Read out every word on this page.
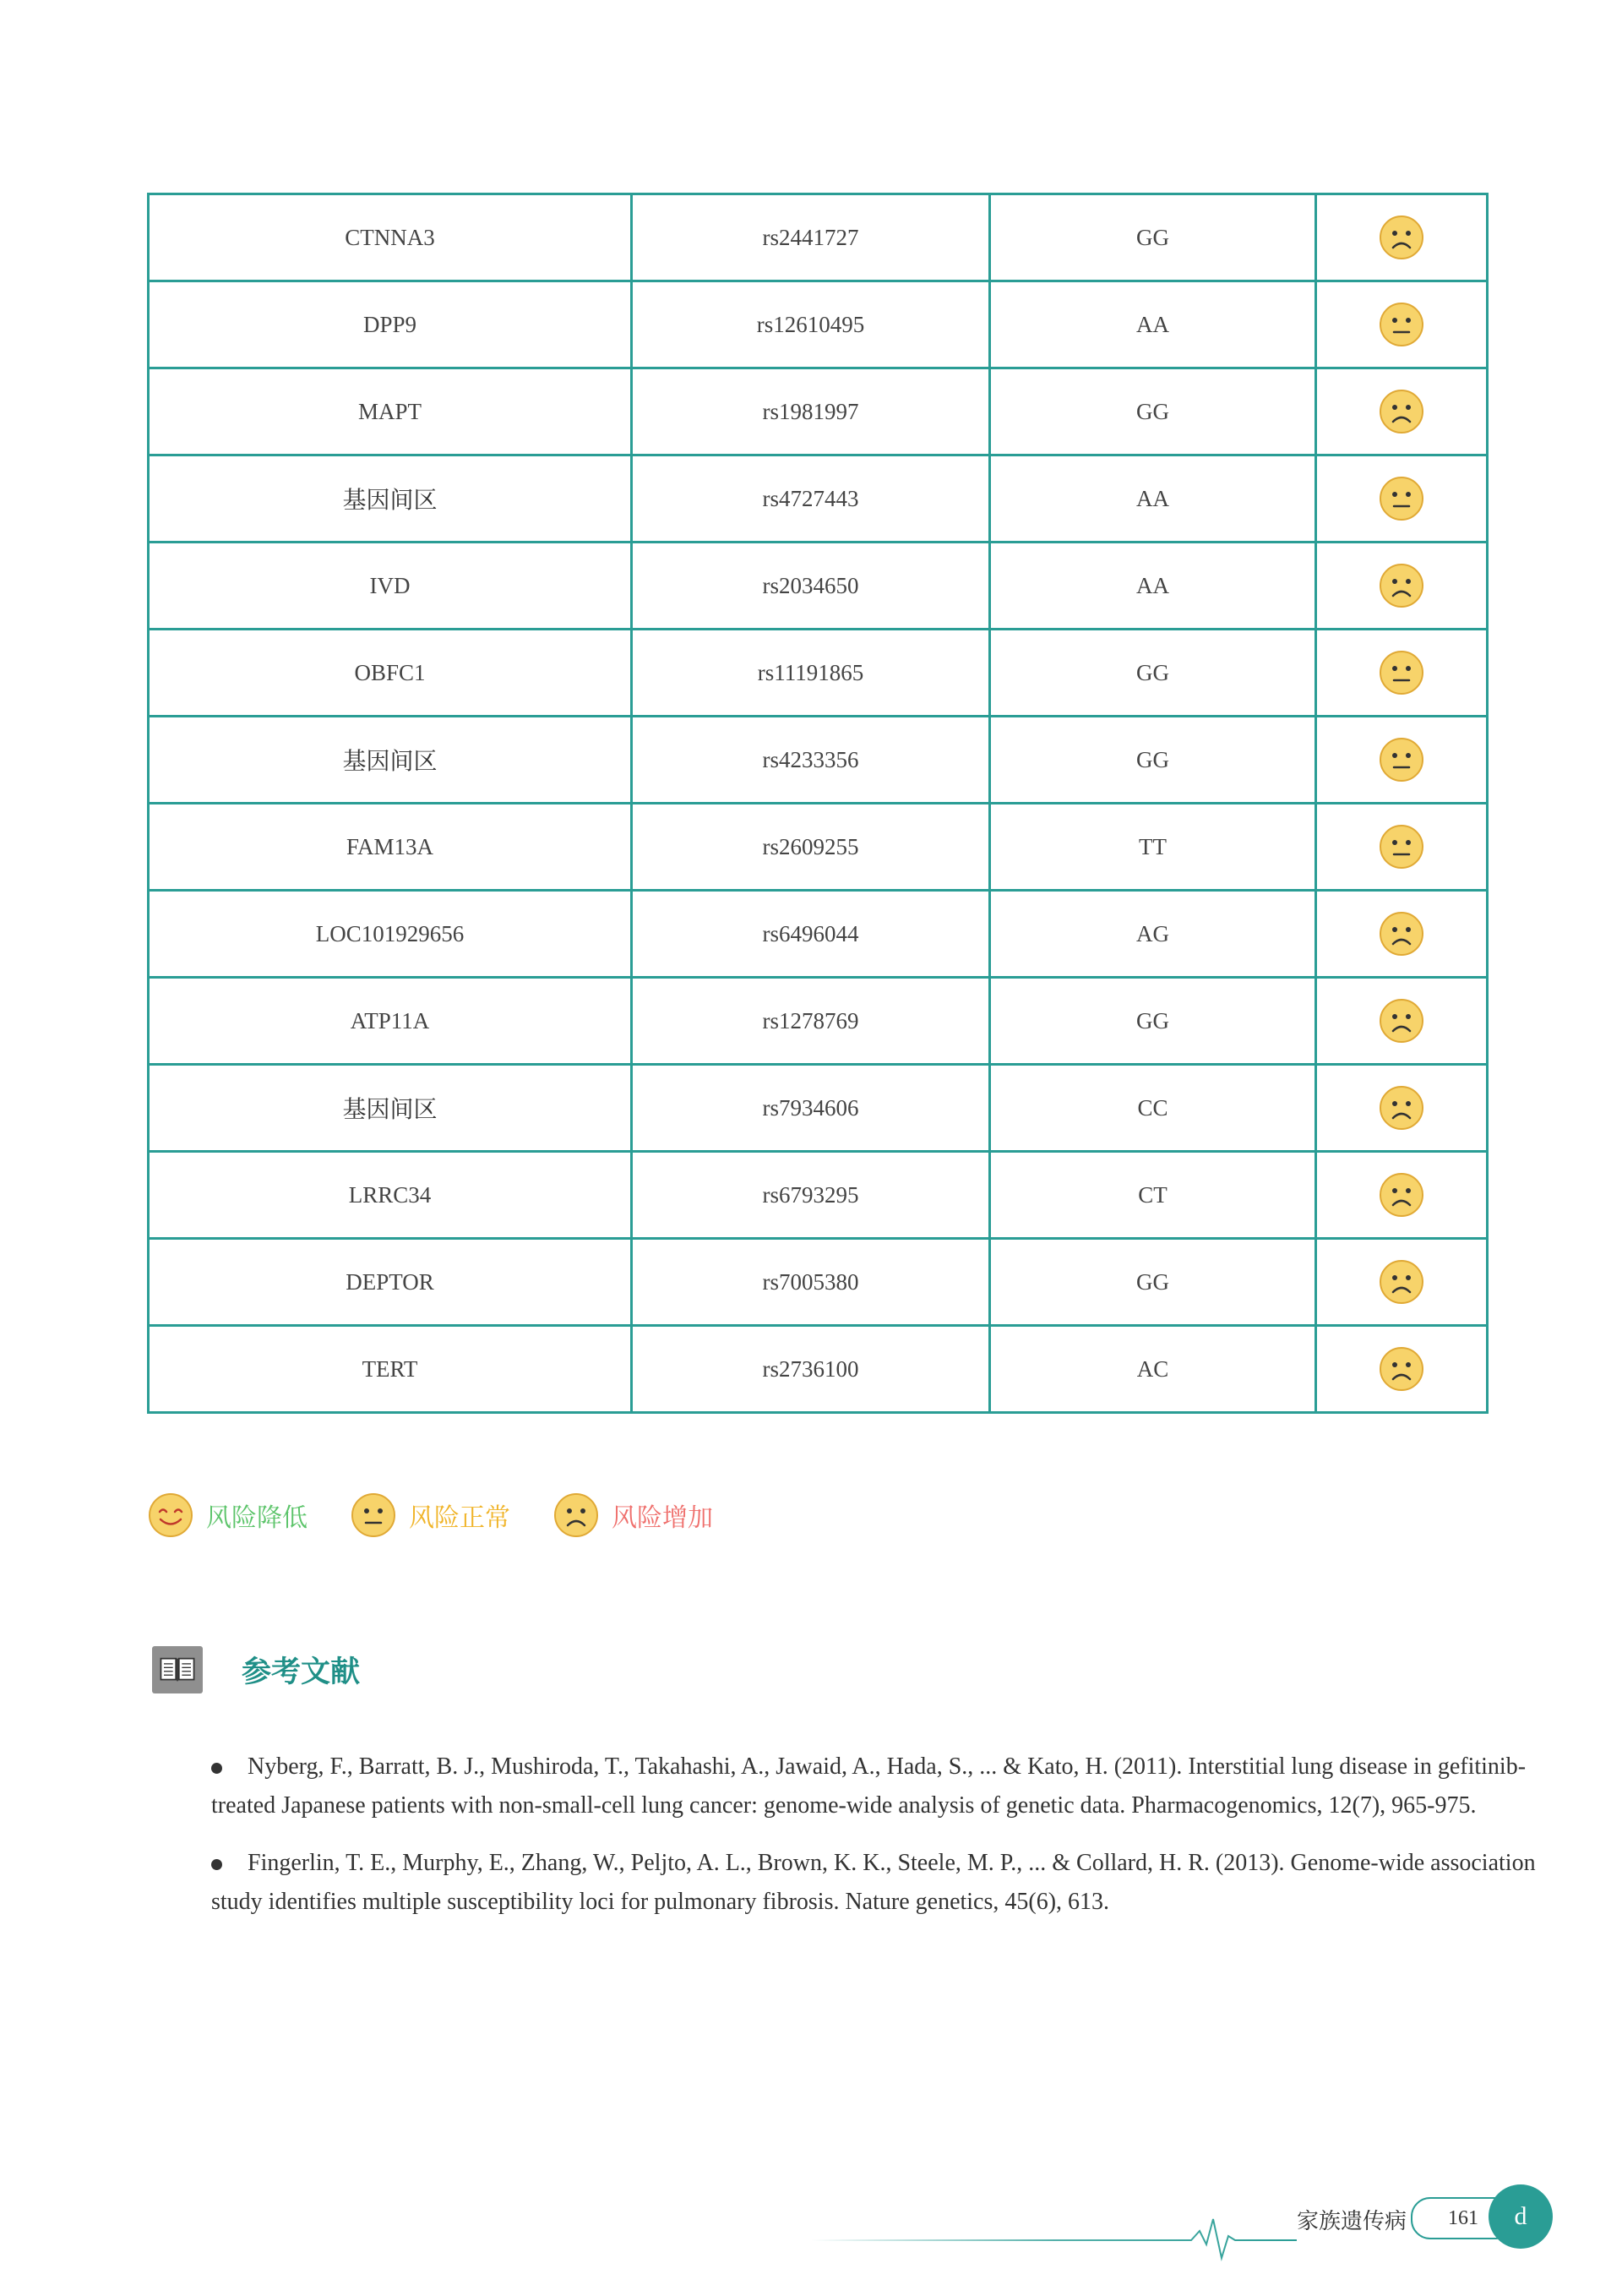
CTNNA3	rs2441727	GG	

DPP9	rs12610495	AA	

MAPT	rs1981997	GG	

基因间区	rs4727443	AA	

IVD	rs2034650	AA	

OBFC1	rs11191865	GG	

基因间区	rs4233356	GG	

FAM13A	rs2609255	TT	

LOC101929656	rs6496044	AG	

ATP11A	rs1278769	GG	

基因间区	rs7934606	CC	

LRRC34	rs6793295	CT	

DEPTOR	rs7005380	GG	

TERT	rs2736100	AC	
风险降低	风险正常	风险增加
参考文献
Nyberg, F., Barratt, B. J., Mushiroda, T., Takahashi, A., Jawaid, A., Hada, S., ... & Kato, H. (2011). Interstitial lung disease in gefitinib-treated Japanese patients with non-small-cell lung cancer: genome-wide analysis of genetic data. Pharmacogenomics, 12(7), 965-975.
Fingerlin, T. E., Murphy, E., Zhang, W., Peljto, A. L., Brown, K. K., Steele, M. P., ... & Collard, H. R. (2013). Genome-wide association study identifies multiple susceptibility loci for pulmonary fibrosis. Nature genetics, 45(6), 613.
家族遗传病	161	d
